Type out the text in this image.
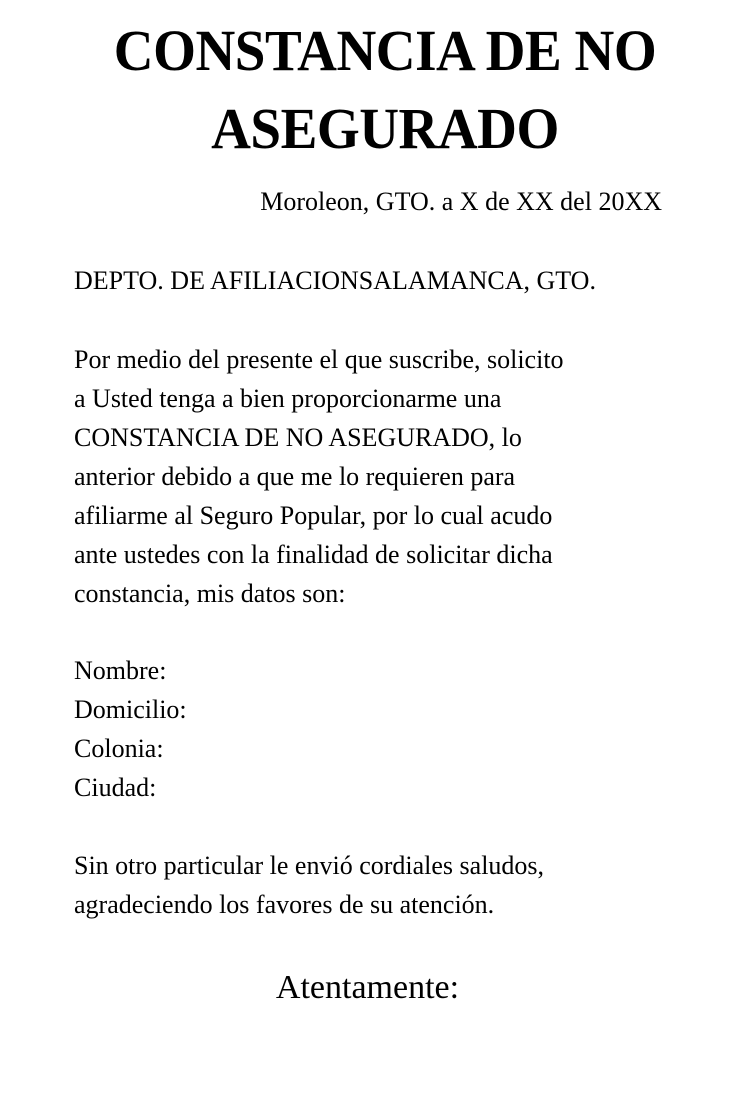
CONSTANCIA DE NO
ASEGURADO
Moroleon, GTO. a X de XX del 20XX
DEPTO. DE AFILIACIONSALAMANCA, GTO.
Por medio del presente el que suscribe, solicito
a Usted tenga a bien proporcionarme una
CONSTANCIA DE NO ASEGURADO, lo
anterior debido a que me lo requieren para
afiliarme al Seguro Popular, por lo cual acudo
ante ustedes con la finalidad de solicitar dicha
constancia, mis datos son:
Nombre:
Domicilio:
Colonia:
Ciudad:
Sin otro particular le envió cordiales saludos,
agradeciendo los favores de su atención.
Atentamente:
